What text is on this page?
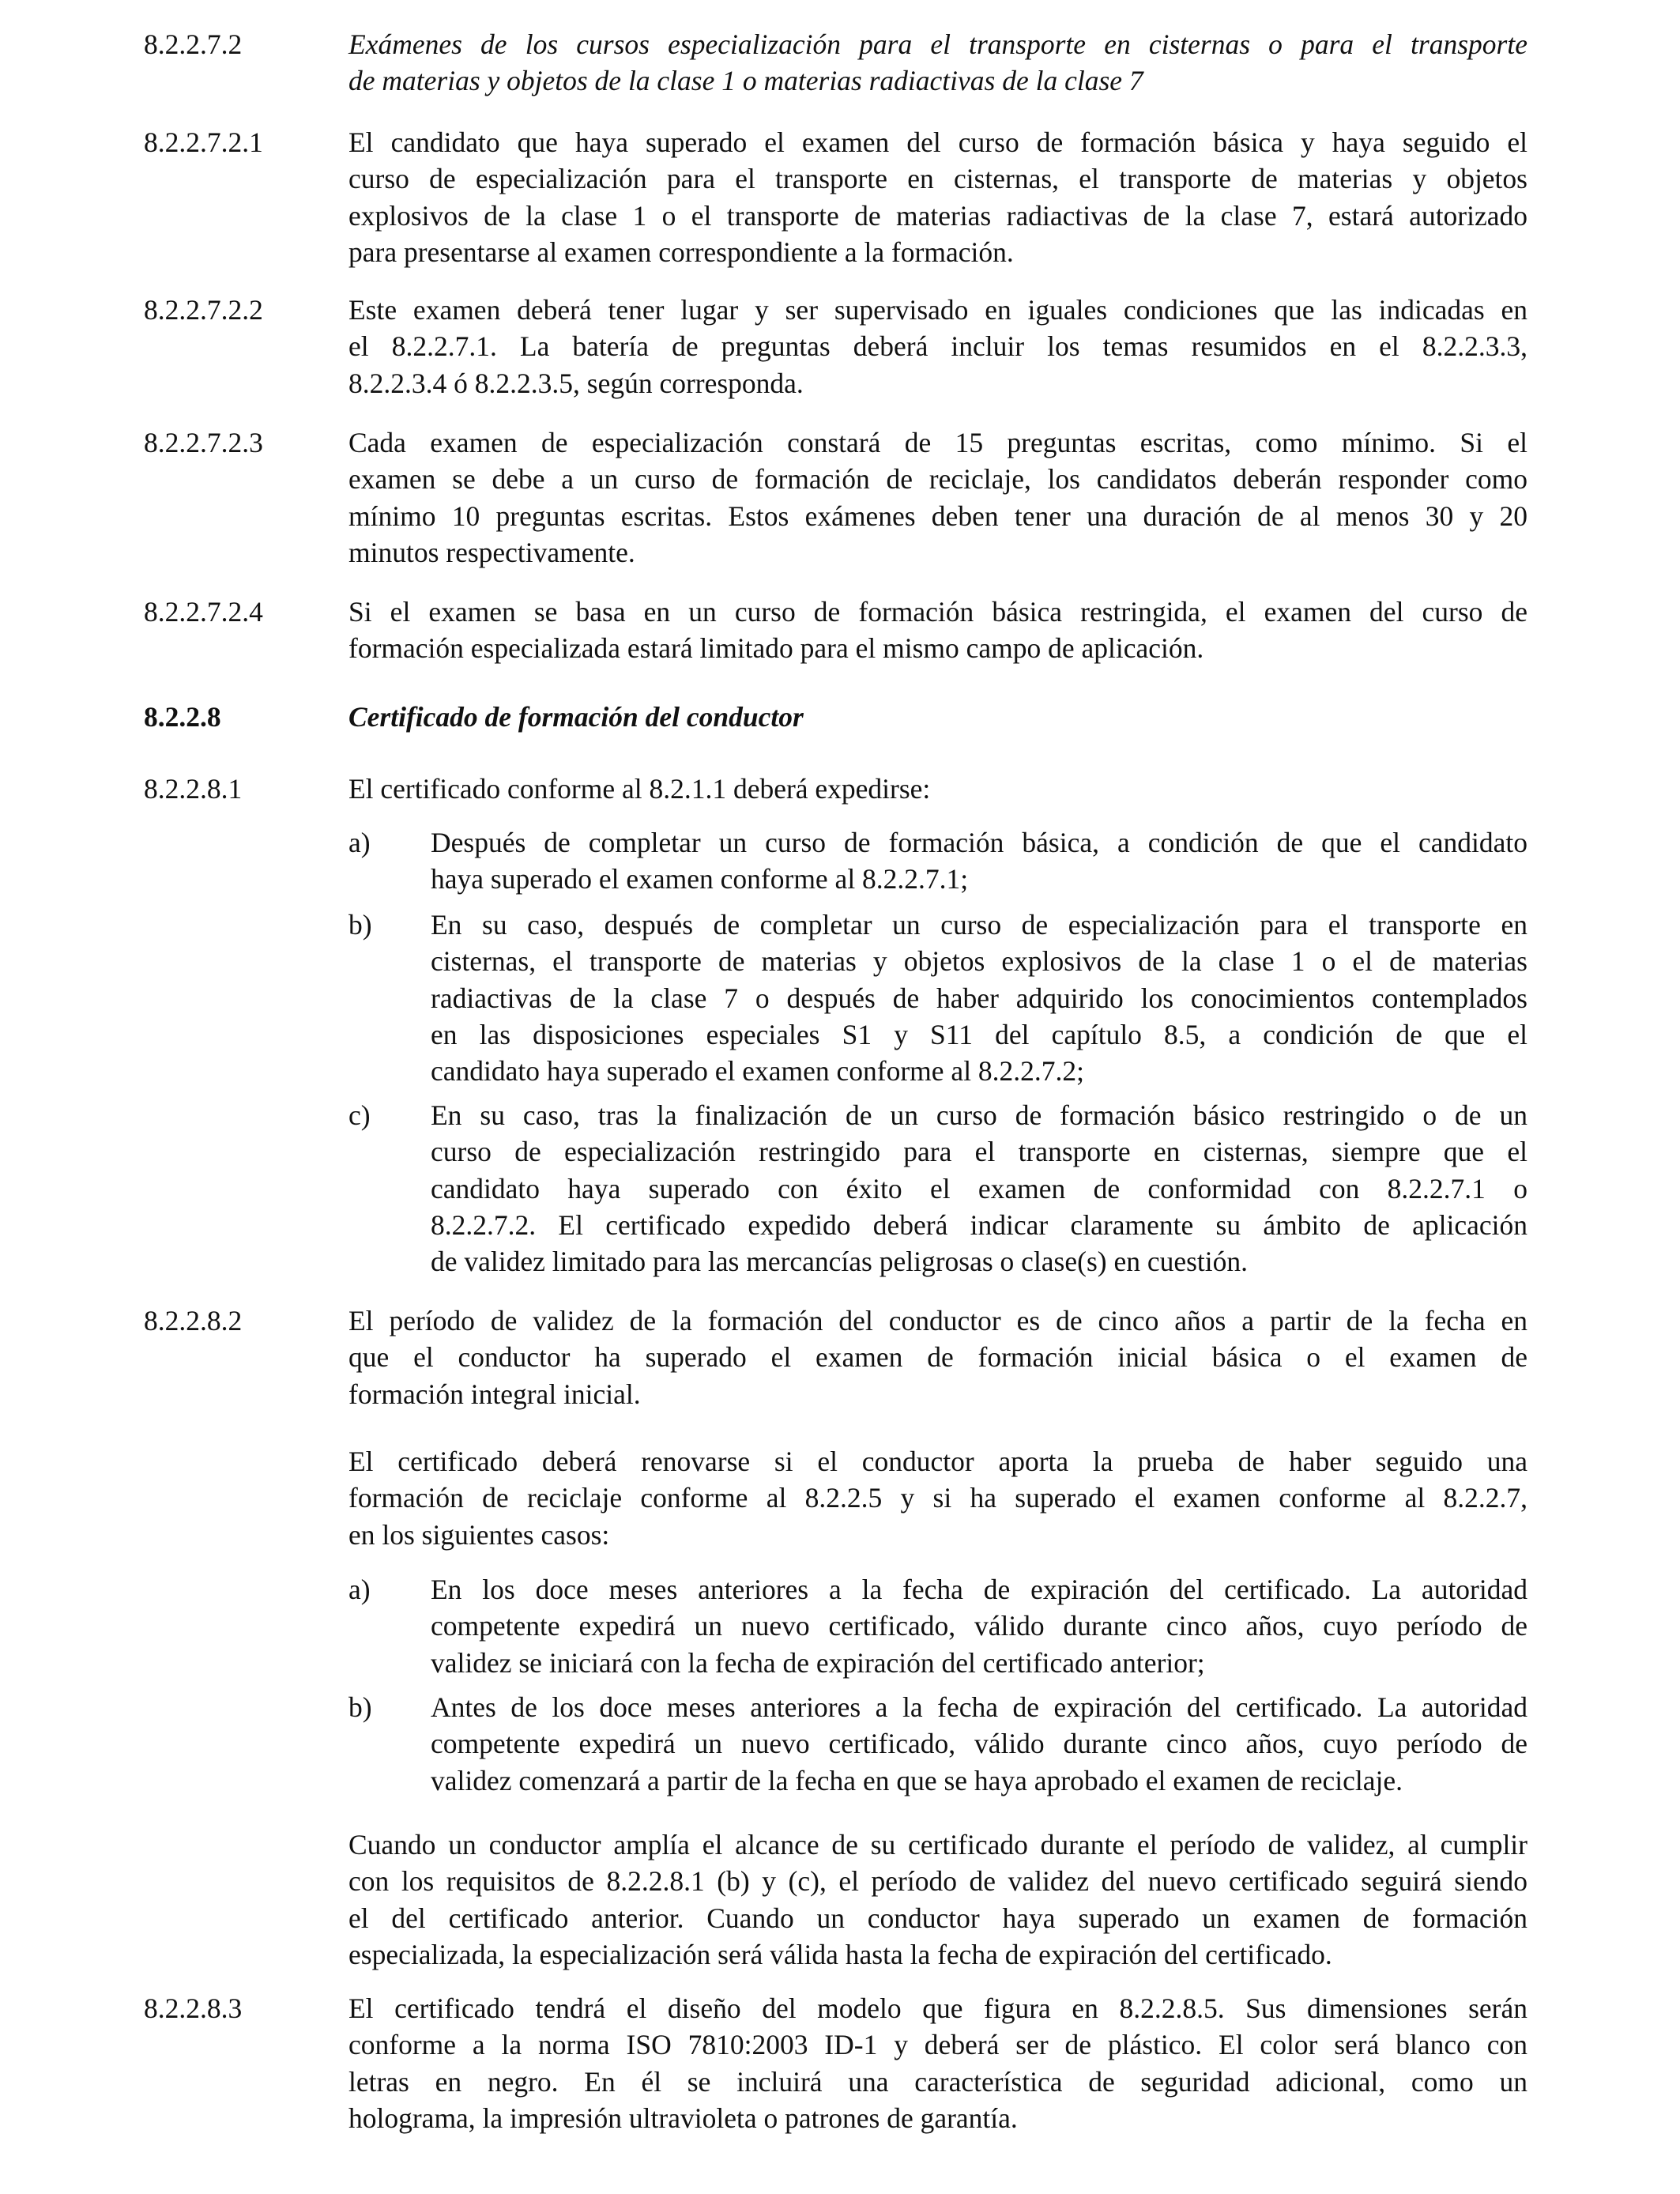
8.2.2.7.2	Exámenes de los cursos especialización para el transporte en cisternas o para el transporte
de materias y objetos de la clase 1 o materias radiactivas de la clase 7
8.2.2.7.2.1	El candidato que haya superado el examen del curso de formación básica y haya seguido el
curso de especialización para el transporte en cisternas, el transporte de materias y objetos
explosivos de la clase 1 o el transporte de materias radiactivas de la clase 7, estará autorizado
para presentarse al examen correspondiente a la formación.
8.2.2.7.2.2	Este examen deberá tener lugar y ser supervisado en iguales condiciones que las indicadas en
el 8.2.2.7.1. La batería de preguntas deberá incluir los temas resumidos en el 8.2.2.3.3,
8.2.2.3.4 ó 8.2.2.3.5, según corresponda.
8.2.2.7.2.3	Cada examen de especialización constará de 15 preguntas escritas, como mínimo. Si el
examen se debe a un curso de formación de reciclaje, los candidatos deberán responder como
mínimo 10 preguntas escritas. Estos exámenes deben tener una duración de al menos 30 y 20
minutos respectivamente.
8.2.2.7.2.4	Si el examen se basa en un curso de formación básica restringida, el examen del curso de
formación especializada estará limitado para el mismo campo de aplicación.
8.2.2.8	Certificado de formación del conductor
8.2.2.8.1	El certificado conforme al 8.2.1.1 deberá expedirse:
a) Después de completar un curso de formación básica, a condición de que el candidato
haya superado el examen conforme al 8.2.2.7.1;
b) En su caso, después de completar un curso de especialización para el transporte en
cisternas, el transporte de materias y objetos explosivos de la clase 1 o el de materias
radiactivas de la clase 7 o después de haber adquirido los conocimientos contemplados
en las disposiciones especiales S1 y S11 del capítulo 8.5, a condición de que el
candidato haya superado el examen conforme al 8.2.2.7.2;
c) En su caso, tras la finalización de un curso de formación básico restringido o de un
curso de especialización restringido para el transporte en cisternas, siempre que el
candidato haya superado con éxito el examen de conformidad con 8.2.2.7.1 o
8.2.2.7.2. El certificado expedido deberá indicar claramente su ámbito de aplicación
de validez limitado para las mercancías peligrosas o clase(s) en cuestión.
8.2.2.8.2	El período de validez de la formación del conductor es de cinco años a partir de la fecha en
que el conductor ha superado el examen de formación inicial básica o el examen de
formación integral inicial.
El certificado deberá renovarse si el conductor aporta la prueba de haber seguido una
formación de reciclaje conforme al 8.2.2.5 y si ha superado el examen conforme al 8.2.2.7,
en los siguientes casos:
a) En los doce meses anteriores a la fecha de expiración del certificado. La autoridad
competente expedirá un nuevo certificado, válido durante cinco años, cuyo período de
validez se iniciará con la fecha de expiración del certificado anterior;
b) Antes de los doce meses anteriores a la fecha de expiración del certificado. La autoridad
competente expedirá un nuevo certificado, válido durante cinco años, cuyo período de
validez comenzará a partir de la fecha en que se haya aprobado el examen de reciclaje.
Cuando un conductor amplía el alcance de su certificado durante el período de validez, al cumplir
con los requisitos de 8.2.2.8.1 (b) y (c), el período de validez del nuevo certificado seguirá siendo
el del certificado anterior. Cuando un conductor haya superado un examen de formación
especializada, la especialización será válida hasta la fecha de expiración del certificado.
8.2.2.8.3	El certificado tendrá el diseño del modelo que figura en 8.2.2.8.5. Sus dimensiones serán
conforme a la norma ISO 7810:2003 ID-1 y deberá ser de plástico. El color será blanco con
letras en negro. En él se incluirá una característica de seguridad adicional, como un
holograma, la impresión ultravioleta o patrones de garantía.
